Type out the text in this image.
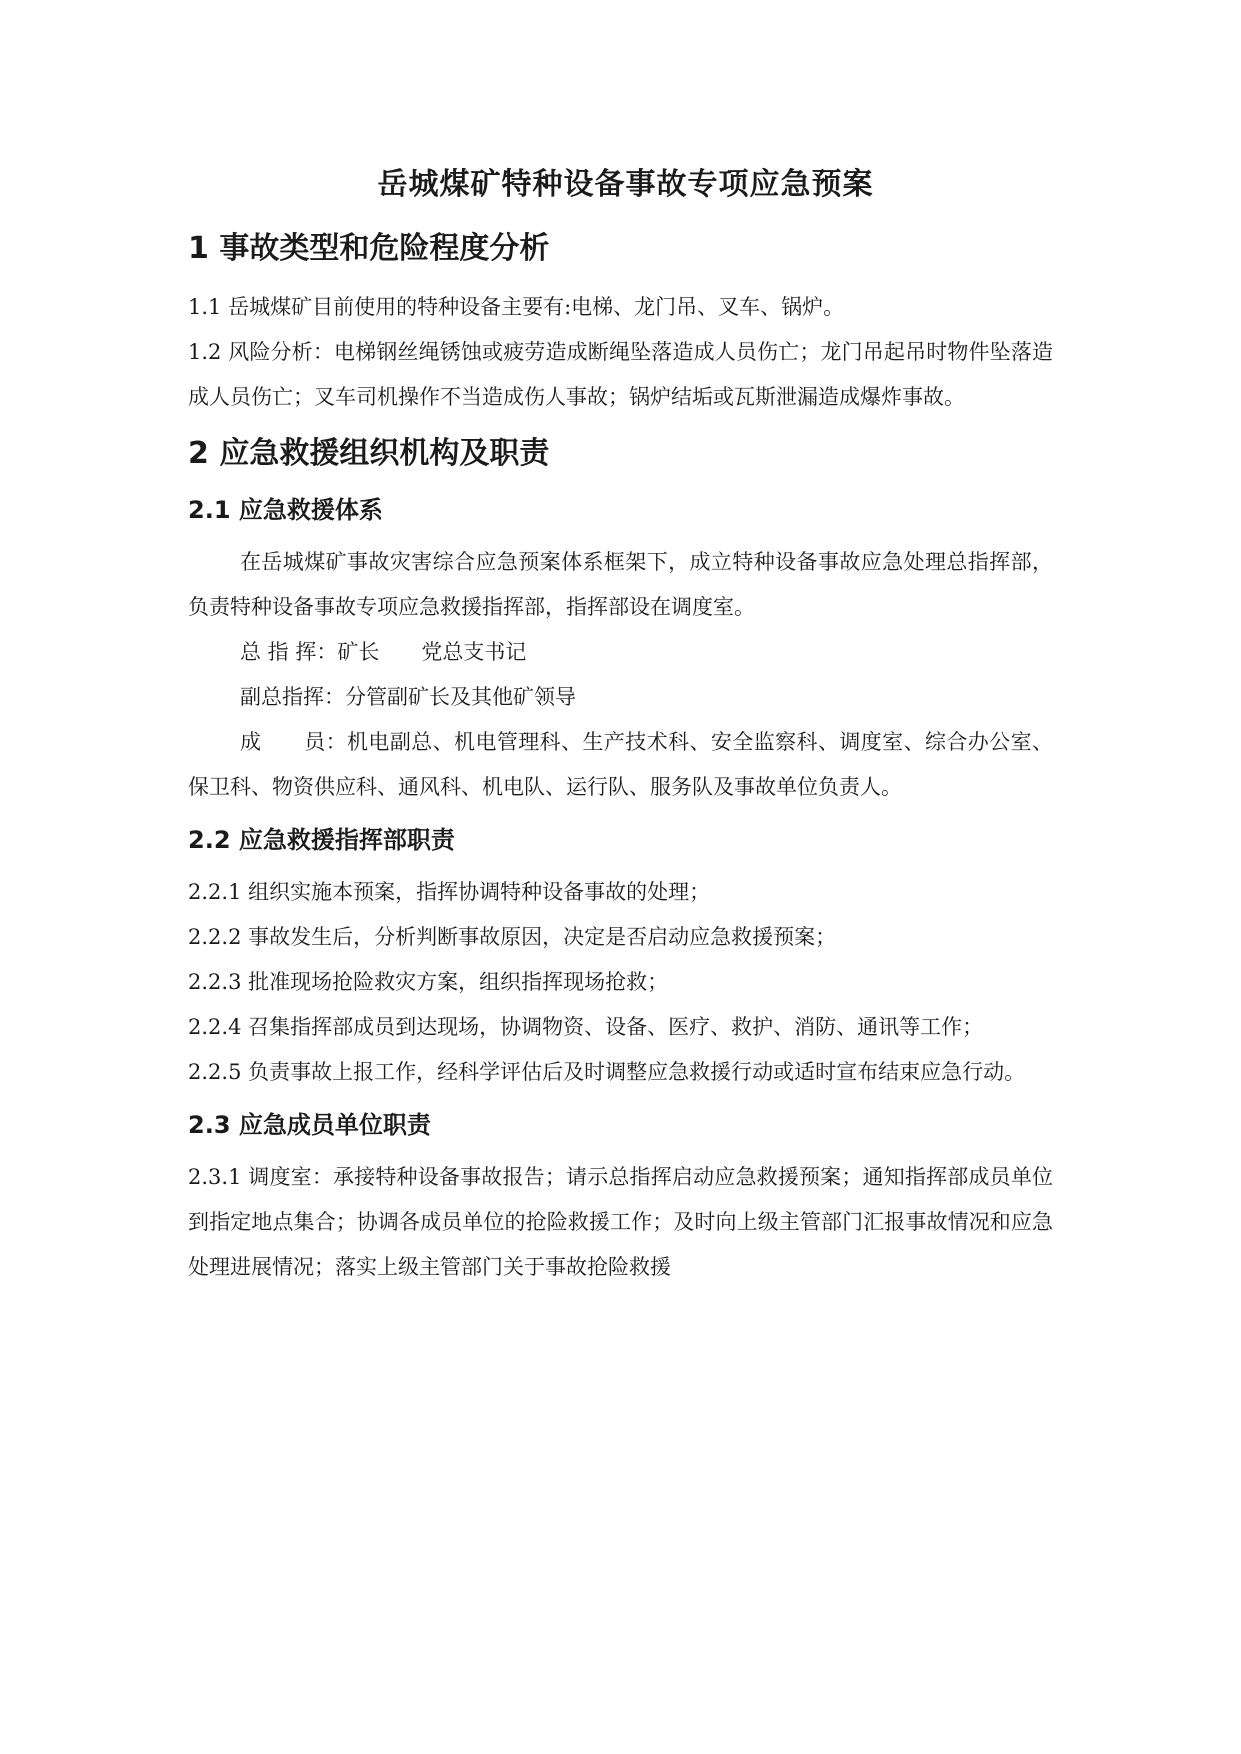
岳城煤矿特种设备事故专项应急预案
1 事故类型和危险程度分析

1.1 岳城煤矿目前使用的特种设备主要有:电梯、龙门吊、叉车、锅炉。

1.2 风险分析：电梯钢丝绳锈蚀或疲劳造成断绳坠落造成人员伤亡；龙门吊起吊时物件坠落造成人员伤亡；叉车司机操作不当造成伤人事故；锅炉结垢或瓦斯泄漏造成爆炸事故。

2 应急救援组织机构及职责
2.1 应急救援体系

在岳城煤矿事故灾害综合应急预案体系框架下，成立特种设备事故应急处理总指挥部，负责特种设备事故专项应急救援指挥部，指挥部设在调度室。

总 指 挥：矿长　　党总支书记

副总指挥：分管副矿长及其他矿领导

成　　员：机电副总、机电管理科、生产技术科、安全监察科、调度室、综合办公室、保卫科、物资供应科、通风科、机电队、运行队、服务队及事故单位负责人。

2.2 应急救援指挥部职责

2.2.1 组织实施本预案，指挥协调特种设备事故的处理；

2.2.2 事故发生后，分析判断事故原因，决定是否启动应急救援预案；

2.2.3 批准现场抢险救灾方案，组织指挥现场抢救；

2.2.4 召集指挥部成员到达现场，协调物资、设备、医疗、救护、消防、通讯等工作；

2.2.5 负责事故上报工作，经科学评估后及时调整应急救援行动或适时宣布结束应急行动。

2.3 应急成员单位职责

2.3.1 调度室：承接特种设备事故报告；请示总指挥启动应急救援预案；通知指挥部成员单位到指定地点集合；协调各成员单位的抢险救援工作；及时向上级主管部门汇报事故情况和应急处理进展情况；落实上级主管部门关于事故抢险救援
